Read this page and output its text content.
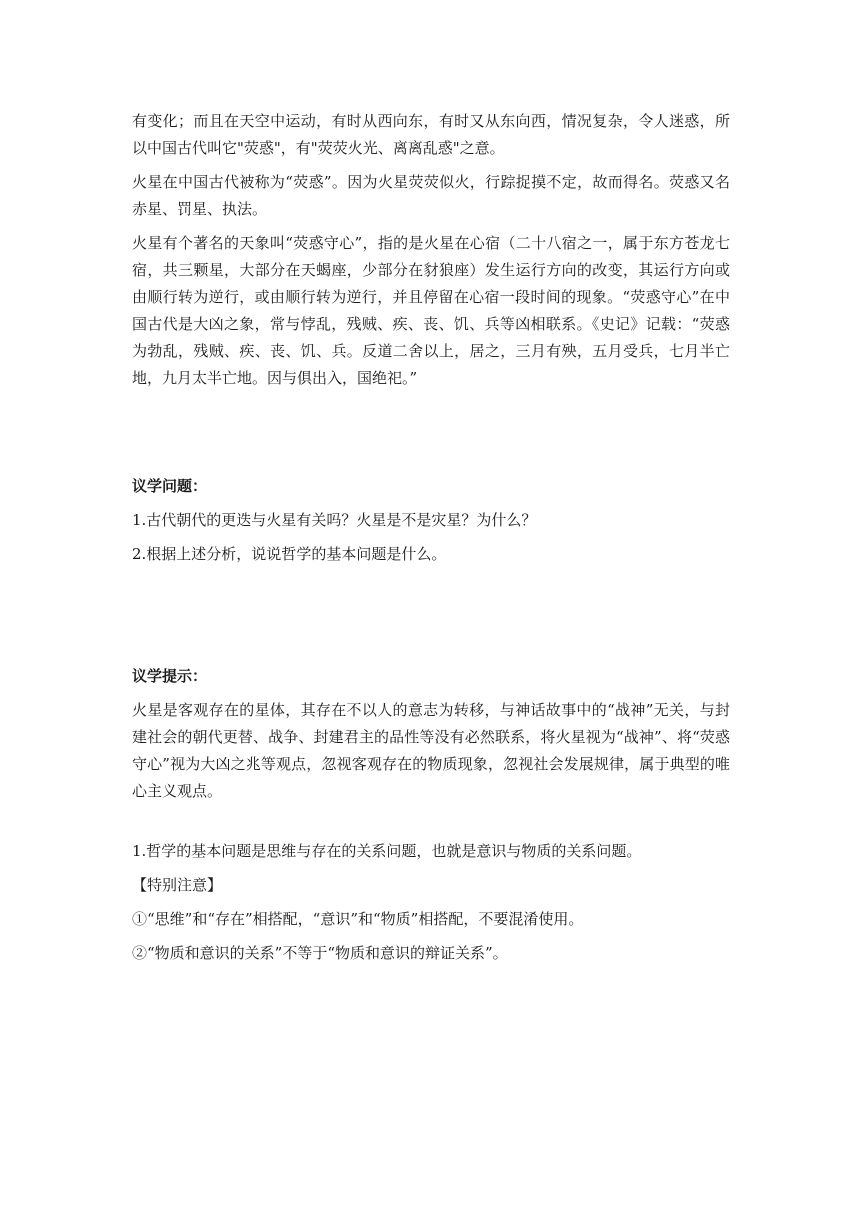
有变化；而且在天空中运动，有时从西向东，有时又从东向西，情况复杂，令人迷惑，所以中国古代叫它"荧惑"，有"荧荧火光、离离乱惑"之意。

火星在中国古代被称为“荧惑”。因为火星荧荧似火，行踪捉摸不定，故而得名。荧惑又名赤星、罚星、执法。

火星有个著名的天象叫“荧惑守心”，指的是火星在心宿（二十八宿之一，属于东方苍龙七宿，共三颗星，大部分在天蝎座，少部分在豺狼座）发生运行方向的改变，其运行方向或由顺行转为逆行，或由顺行转为逆行，并且停留在心宿一段时间的现象。“荧惑守心”在中国古代是大凶之象，常与悖乱，残贼、疾、丧、饥、兵等凶相联系。《史记》记载：“荧惑为勃乱，残贼、疾、丧、饥、兵。反道二舍以上，居之，三月有殃，五月受兵，七月半亡地，九月太半亡地。因与俱出入，国绝祀。”

议学问题：

1.古代朝代的更迭与火星有关吗？火星是不是灾星？为什么？

2.根据上述分析，说说哲学的基本问题是什么。

议学提示：

火星是客观存在的星体，其存在不以人的意志为转移，与神话故事中的“战神”无关，与封建社会的朝代更替、战争、封建君主的品性等没有必然联系，将火星视为“战神”、将“荧惑守心”视为大凶之兆等观点，忽视客观存在的物质现象，忽视社会发展规律，属于典型的唯心主义观点。

1.哲学的基本问题是思维与存在的关系问题，也就是意识与物质的关系问题。

【特别注意】

①“思维”和“存在”相搭配，“意识”和“物质”相搭配，不要混淆使用。

②“物质和意识的关系”不等于“物质和意识的辩证关系”。
